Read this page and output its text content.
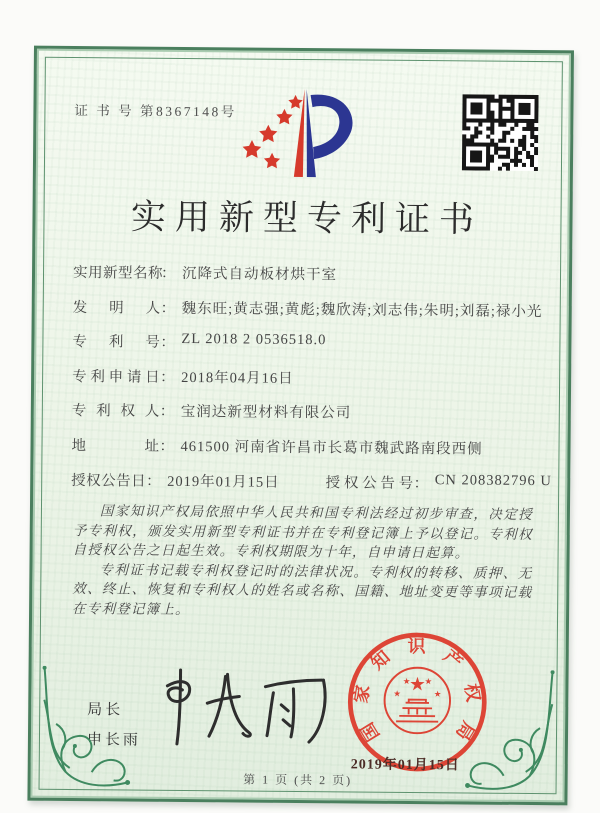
证 书 号 第8367148号
实用新型专利证书
实用新型名称
： 沉降式自动板材烘干室
发明人 ： 魏东旺;黄志强;黄彪;魏欣涛;刘志伟;朱明;刘磊;禄小光
专利号 ： ZL 2018 2 0536518.0
专利申请日 ： 2018年04月16日
专利权人 ： 宝润达新型材料有限公司
地址 ： 461500 河南省许昌市长葛市魏武路南段西侧
授权公告日 ： 2019年01月15日	授权公告号 ： CN 208382796 U

国家知识产权局依照中华人民共和国专利法经过初步审查，决定授予专利权，颁发实用新型专利证书并在专利登记簿上予以登记。专利权自授权公告之日起生效。专利权期限为十年，自申请日起算。

专利证书记载专利权登记时的法律状况。专利权的转移、质押、无效、终止、恢复和专利权人的姓名或名称、国籍、地址变更等事项记载在专利登记簿上。

局长
申长雨	国家知识产权局
★
★
★ ★
★
2019年01月15日
第 1 页 (共 2 页)
